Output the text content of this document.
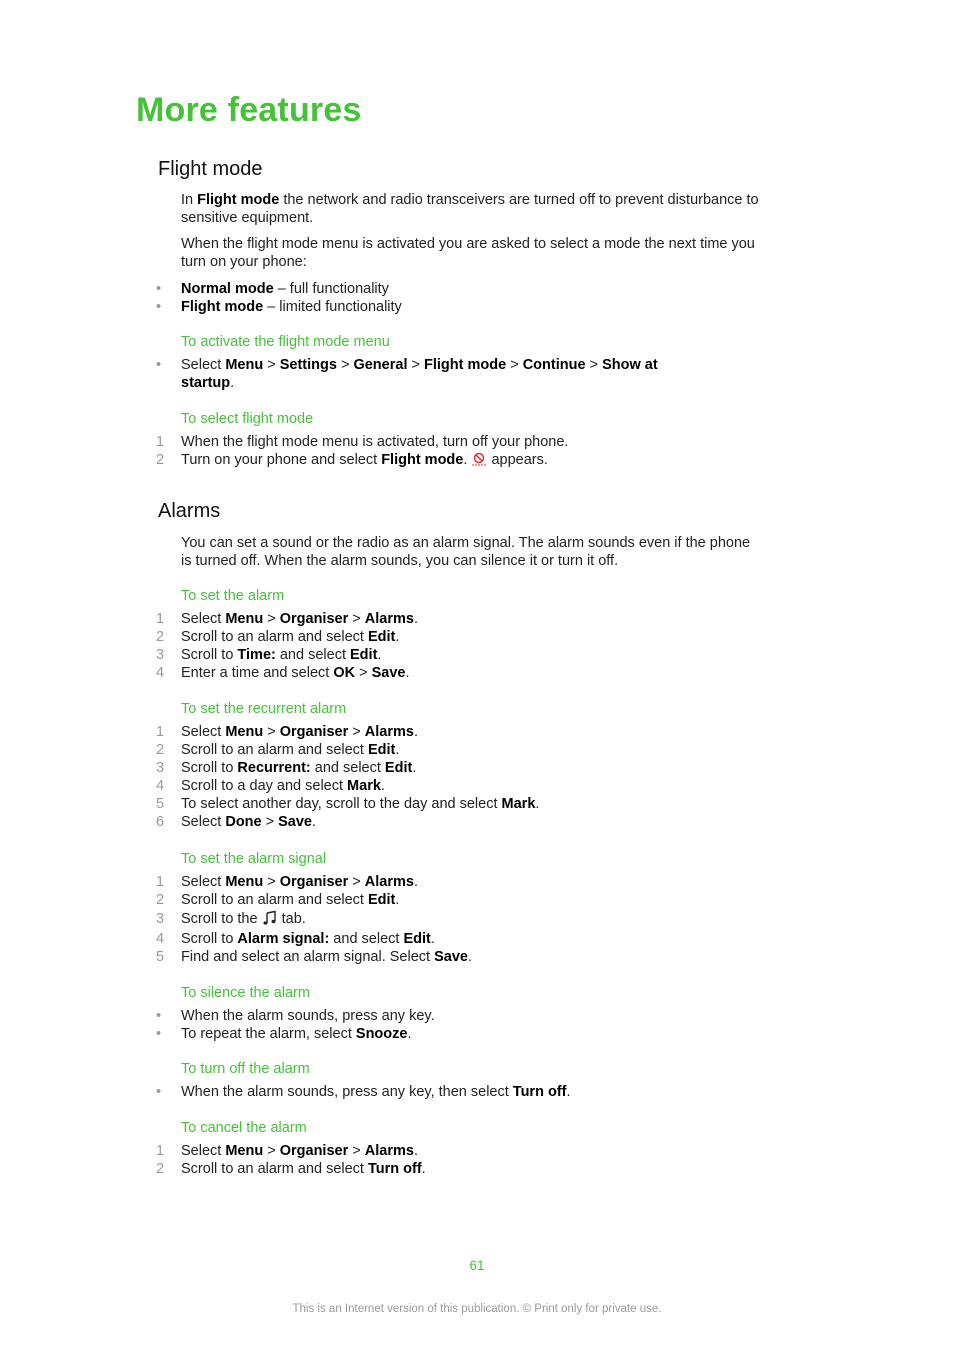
More features
Flight mode
In Flight mode the network and radio transceivers are turned off to prevent disturbance to
sensitive equipment.
When the flight mode menu is activated you are asked to select a mode the next time you
turn on your phone:
• Normal mode – full functionality
• Flight mode – limited functionality
To activate the flight mode menu
• Select Menu > Settings > General > Flight mode > Continue > Show at
startup.
To select flight mode
1 When the flight mode menu is activated, turn off your phone.
2 Turn on your phone and select Flight mode.  appears.
Alarms
You can set a sound or the radio as an alarm signal. The alarm sounds even if the phone
is turned off. When the alarm sounds, you can silence it or turn it off.
To set the alarm
1 Select Menu > Organiser > Alarms.
2 Scroll to an alarm and select Edit.
3 Scroll to Time: and select Edit.
4 Enter a time and select OK > Save.
To set the recurrent alarm
1 Select Menu > Organiser > Alarms.
2 Scroll to an alarm and select Edit.
3 Scroll to Recurrent: and select Edit.
4 Scroll to a day and select Mark.
5 To select another day, scroll to the day and select Mark.
6 Select Done > Save.
To set the alarm signal
1 Select Menu > Organiser > Alarms.
2 Scroll to an alarm and select Edit.
3 Scroll to the  tab.
4 Scroll to Alarm signal: and select Edit.
5 Find and select an alarm signal. Select Save.
To silence the alarm
• When the alarm sounds, press any key.
• To repeat the alarm, select Snooze.
To turn off the alarm
• When the alarm sounds, press any key, then select Turn off.
To cancel the alarm
1 Select Menu > Organiser > Alarms.
2 Scroll to an alarm and select Turn off.
61
This is an Internet version of this publication. © Print only for private use.
